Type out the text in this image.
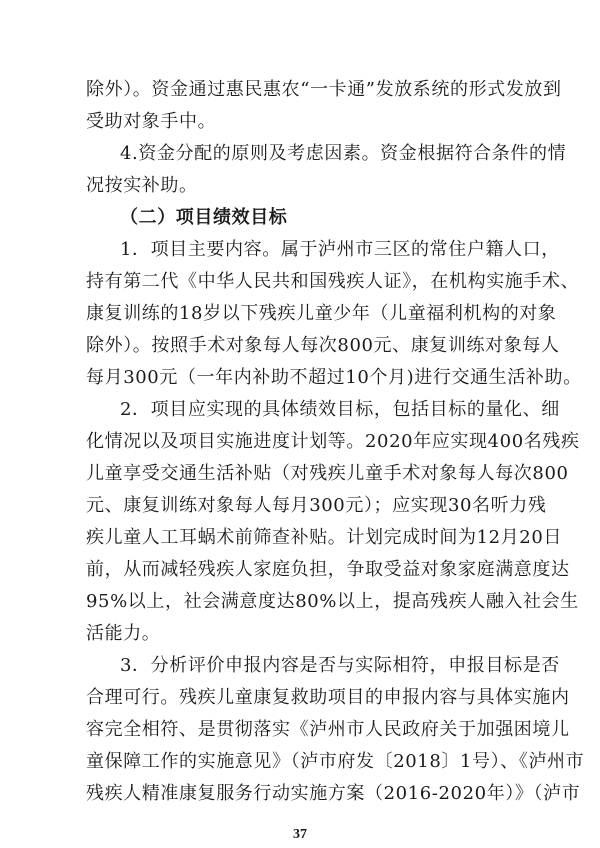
除外）。资金通过惠民惠农“一卡通”发放系统的形式发放到
受助对象手中。
4.资金分配的原则及考虑因素。资金根据符合条件的情
况按实补助。
（二）项目绩效目标
1．项目主要内容。属于泸州市三区的常住户籍人口，
持有第二代《中华人民共和国残疾人证》，在机构实施手术、
康复训练的18岁以下残疾儿童少年（儿童福利机构的对象
除外）。按照手术对象每人每次800元、康复训练对象每人
每月300元（一年内补助不超过10个月)进行交通生活补助。
2．项目应实现的具体绩效目标，包括目标的量化、细
化情况以及项目实施进度计划等。2020年应实现400名残疾
儿童享受交通生活补贴（对残疾儿童手术对象每人每次800
元、康复训练对象每人每月300元）；应实现30名听力残
疾儿童人工耳蜗术前筛查补贴。计划完成时间为12月20日
前，从而减轻残疾人家庭负担，争取受益对象家庭满意度达
95%以上，社会满意度达80%以上，提高残疾人融入社会生
活能力。
3．分析评价申报内容是否与实际相符，申报目标是否
合理可行。残疾儿童康复救助项目的申报内容与具体实施内
容完全相符、是贯彻落实《泸州市人民政府关于加强困境儿
37
童保障工作的实施意见》（泸市府发〔2018〕1号）、《泸州市
残疾人精准康复服务行动实施方案（2016-2020年）》（泸市
